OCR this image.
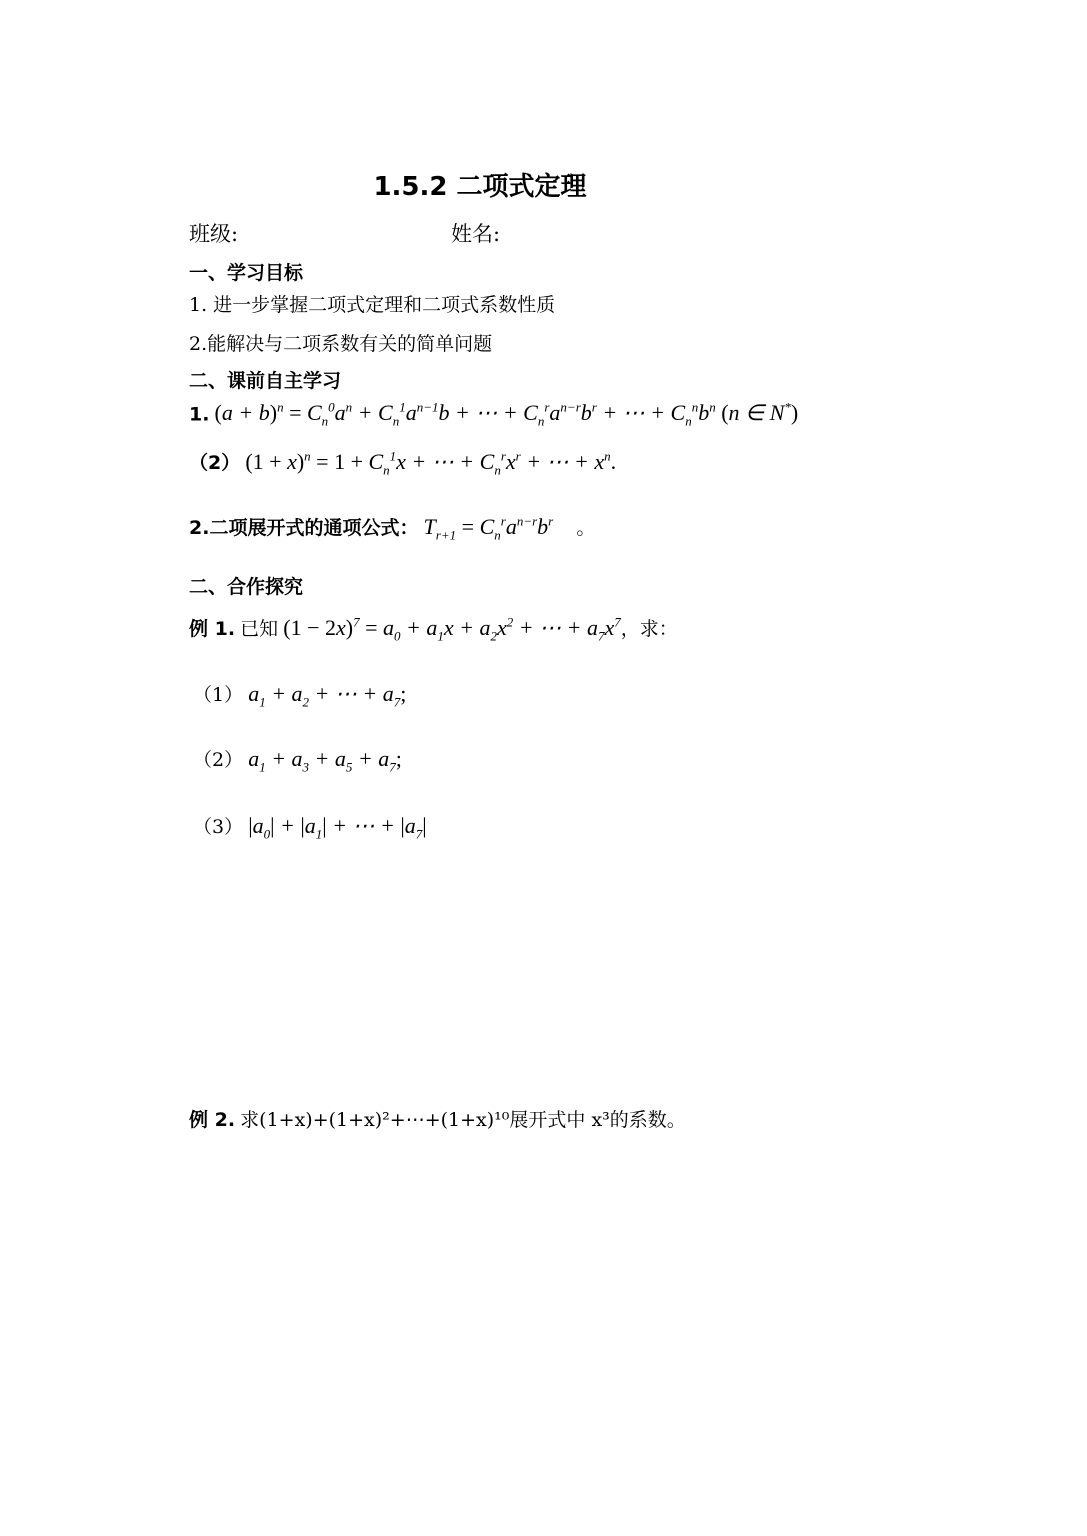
1.5.2 二项式定理
班级:	姓名:
一、学习目标
1. 进一步掌握二项式定理和二项式系数性质
2.能解决与二项系数有关的简单问题
二、课前自主学习
1. $(a + b)^n = C_n^0a^n + C_n^1a^{n-1}b$ + ⋯ + $C_n^ra^{n-r}b^r$ + ⋯ + $C_n^nb^n$ (n ∈ N*)
（2） $(1 + x)^n = 1 + C_n^1x$ + ⋯ + $C_n^rx^r$ + ⋯ + $x^n$.
2.二项展开式的通项公式： $T_{r+1} = C_n^ra^{n-r}b^r$ 。
二、合作探究
例 1. 已知 $(1 - 2x)^7 = a_0 + a_1x + a_2x^2$ + ⋯ + $a_7x^7$，求：
（1） $a_1 + a_2$ + ⋯ + $a_7$;
（2） $a_1 + a_3 + a_5 + a_7$;
（3） $|a_0| + |a_1|$ + ⋯ + $|a_7|$
例 2. 求(1+x)+(1+x)²+⋯+(1+x)¹⁰展开式中 x³的系数。
